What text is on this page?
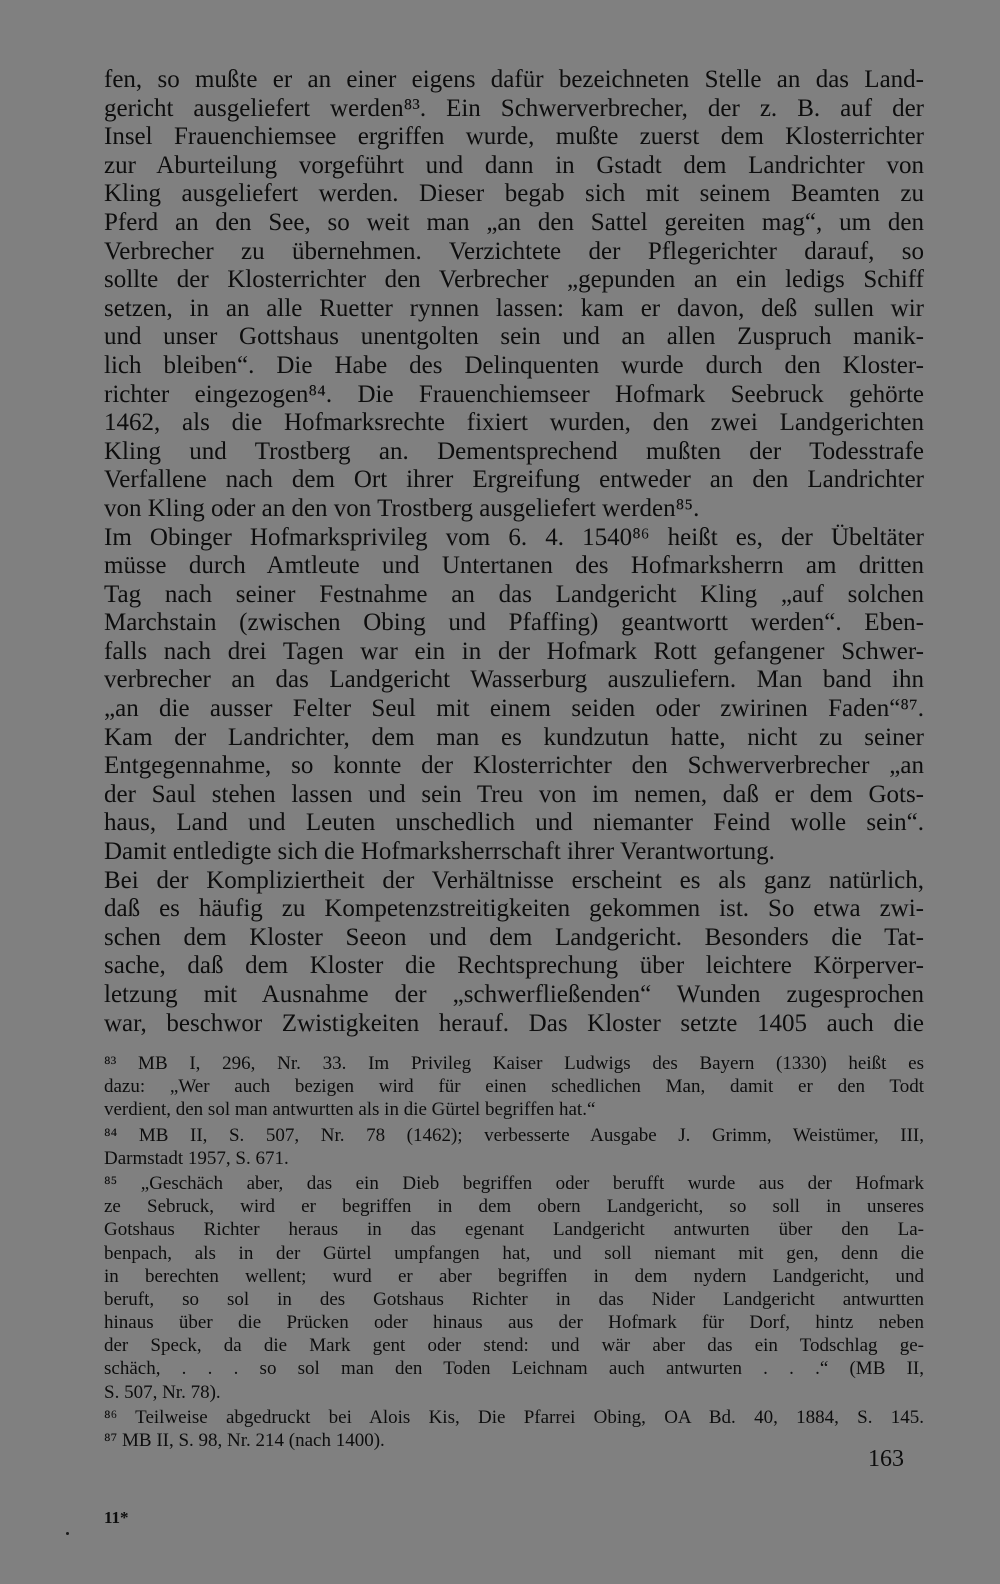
fen, so mußte er an einer eigens dafür bezeichneten Stelle an das Land-
gericht ausgeliefert werden⁸³. Ein Schwerverbrecher, der z. B. auf der
Insel Frauenchiemsee ergriffen wurde, mußte zuerst dem Klosterrichter
zur Aburteilung vorgeführt und dann in Gstadt dem Landrichter von
Kling ausgeliefert werden. Dieser begab sich mit seinem Beamten zu
Pferd an den See, so weit man „an den Sattel gereiten mag“, um den
Verbrecher zu übernehmen. Verzichtete der Pflegerichter darauf, so
sollte der Klosterrichter den Verbrecher „gepunden an ein ledigs Schiff
setzen, in an alle Ruetter rynnen lassen: kam er davon, deß sullen wir
und unser Gottshaus unentgolten sein und an allen Zuspruch manik-
lich bleiben“. Die Habe des Delinquenten wurde durch den Kloster-
richter eingezogen⁸⁴. Die Frauenchiemseer Hofmark Seebruck gehörte
1462, als die Hofmarksrechte fixiert wurden, den zwei Landgerichten
Kling und Trostberg an. Dementsprechend mußten der Todesstrafe
Verfallene nach dem Ort ihrer Ergreifung entweder an den Landrichter
von Kling oder an den von Trostberg ausgeliefert werden⁸⁵.
Im Obinger Hofmarksprivileg vom 6. 4. 1540⁸⁶ heißt es, der Übeltäter
müsse durch Amtleute und Untertanen des Hofmarksherrn am dritten
Tag nach seiner Festnahme an das Landgericht Kling „auf solchen
Marchstain (zwischen Obing und Pfaffing) geantwortt werden“. Eben-
falls nach drei Tagen war ein in der Hofmark Rott gefangener Schwer-
verbrecher an das Landgericht Wasserburg auszuliefern. Man band ihn
„an die ausser Felter Seul mit einem seiden oder zwirinen Faden“⁸⁷.
Kam der Landrichter, dem man es kundzutun hatte, nicht zu seiner
Entgegennahme, so konnte der Klosterrichter den Schwerverbrecher „an
der Saul stehen lassen und sein Treu von im nemen, daß er dem Gots-
haus, Land und Leuten unschedlich und niemanter Feind wolle sein“.
Damit entledigte sich die Hofmarksherrschaft ihrer Verantwortung.
Bei der Kompliziertheit der Verhältnisse erscheint es als ganz natürlich,
daß es häufig zu Kompetenzstreitigkeiten gekommen ist. So etwa zwi-
schen dem Kloster Seeon und dem Landgericht. Besonders die Tat-
sache, daß dem Kloster die Rechtsprechung über leichtere Körperver-
letzung mit Ausnahme der „schwerfließenden“ Wunden zugesprochen
war, beschwor Zwistigkeiten herauf. Das Kloster setzte 1405 auch die
⁸³ MB I, 296, Nr. 33. Im Privileg Kaiser Ludwigs des Bayern (1330) heißt es
dazu: „Wer auch bezigen wird für einen schedlichen Man, damit er den Todt
verdient, den sol man antwurtten als in die Gürtel begriffen hat.“
⁸⁴ MB II, S. 507, Nr. 78 (1462); verbesserte Ausgabe J. Grimm, Weistümer, III,
Darmstadt 1957, S. 671.
⁸⁵ „Geschäch aber, das ein Dieb begriffen oder berufft wurde aus der Hofmark
ze Sebruck, wird er begriffen in dem obern Landgericht, so soll in unseres
Gotshaus Richter heraus in das egenant Landgericht antwurten über den La-
benpach, als in der Gürtel umpfangen hat, und soll niemant mit gen, denn die
in berechten wellent; wurd er aber begriffen in dem nydern Landgericht, und
beruft, so sol in des Gotshaus Richter in das Nider Landgericht antwurtten
hinaus über die Prücken oder hinaus aus der Hofmark für Dorf, hintz neben
der Speck, da die Mark gent oder stend: und wär aber das ein Todschlag ge-
schäch, . . . so sol man den Toden Leichnam auch antwurten . . .“ (MB II,
S. 507, Nr. 78).
⁸⁶ Teilweise abgedruckt bei Alois Kis, Die Pfarrei Obing, OA Bd. 40, 1884, S. 145.
⁸⁷ MB II, S. 98, Nr. 214 (nach 1400).
163
11*
